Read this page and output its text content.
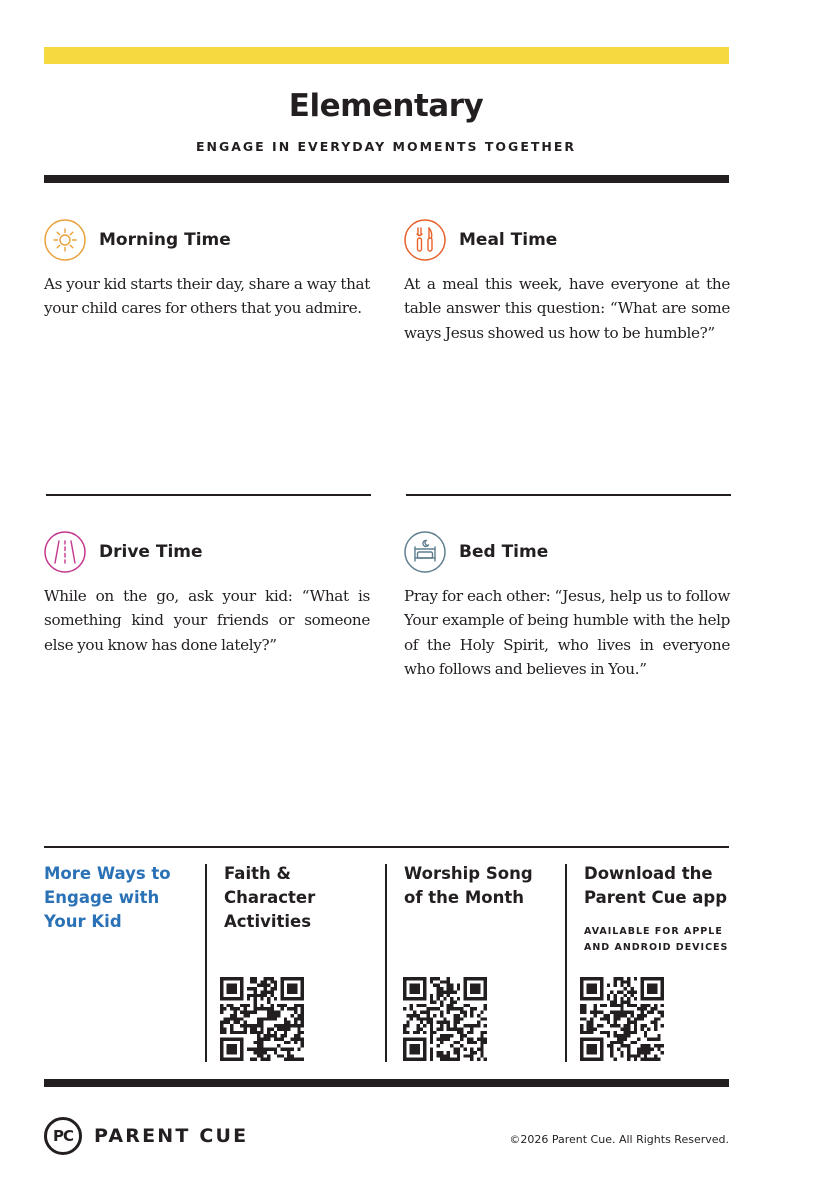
Elementary
ENGAGE IN EVERYDAY MOMENTS TOGETHER
Morning Time
As your kid starts their day, share a way that your child cares for others that you admire.
Meal Time
At a meal this week, have everyone at the table answer this question: “What are some ways Jesus showed us how to be humble?”
Drive Time
While on the go, ask your kid: “What is something kind your friends or someone else you know has done lately?”
Bed Time
Pray for each other: “Jesus, help us to follow Your example of being humble with the help of the Holy Spirit, who lives in everyone who follows and believes in You.”
More Ways to
Engage with
Your Kid
Faith &
Character
Activities
Worship Song
of the Month
Download the
Parent Cue app
AVAILABLE FOR APPLE
AND ANDROID DEVICES
PC	PARENT CUE	©2026 Parent Cue. All Rights Reserved.
